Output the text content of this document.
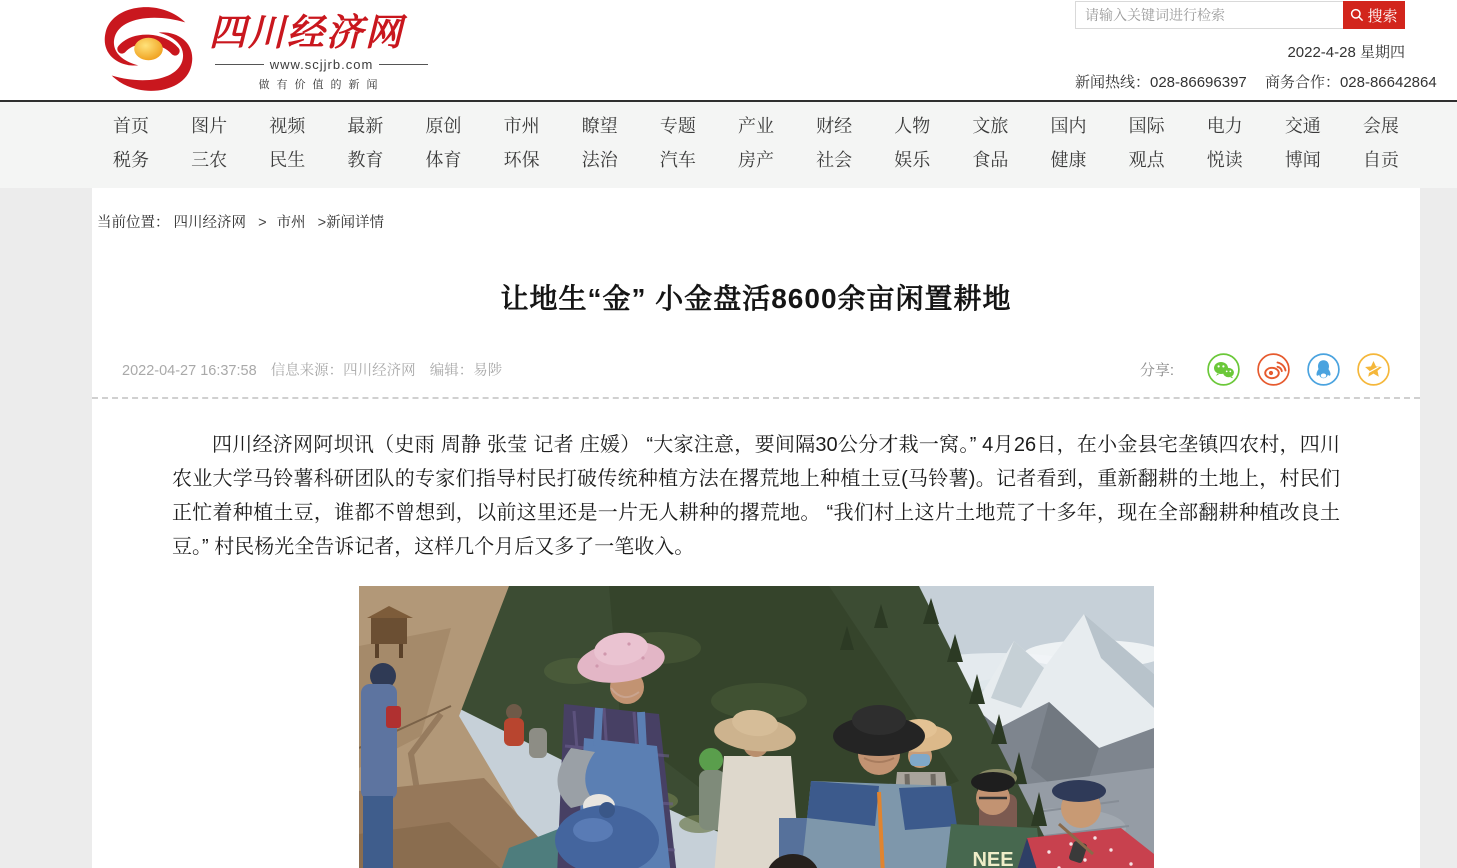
四川经济网
www.scjjrb.com
做有价值的新闻
请输入关键词进行检索
搜索
2022-4-28 星期四
新闻热线：028-86696397 商务合作：028-86642864
首页	图片	视频	最新	原创	市州	瞭望	专题	产业	财经	人物	文旅	国内	国际	电力	交通	会展
税务	三农	民生	教育	体育	环保	法治	汽车	房产	社会	娱乐	食品	健康	观点	悦读	博闻	自贡
当前位置： 四川经济网 > 市州 >新闻详情
让地生“金” 小金盘活8600余亩闲置耕地
2022-04-27 16:37:58 信息来源：四川经济网 编辑：易陟	分享:

四川经济网阿坝讯（史雨 周静 张莹 记者 庄媛） “大家注意，要间隔30公分才栽一窝。” 4月26日，在小金县宅垄镇四农村，四川农业大学马铃薯科研团队的专家们指导村民打破传统种植方法在撂荒地上种植土豆(马铃薯)。记者看到，重新翻耕的土地上，村民们正忙着种植土豆，谁都不曾想到，以前这里还是一片无人耕种的撂荒地。 “我们村上这片土地荒了十多年，现在全部翻耕种植改良土豆。” 村民杨光全告诉记者，这样几个月后又多了一笔收入。

NEE
